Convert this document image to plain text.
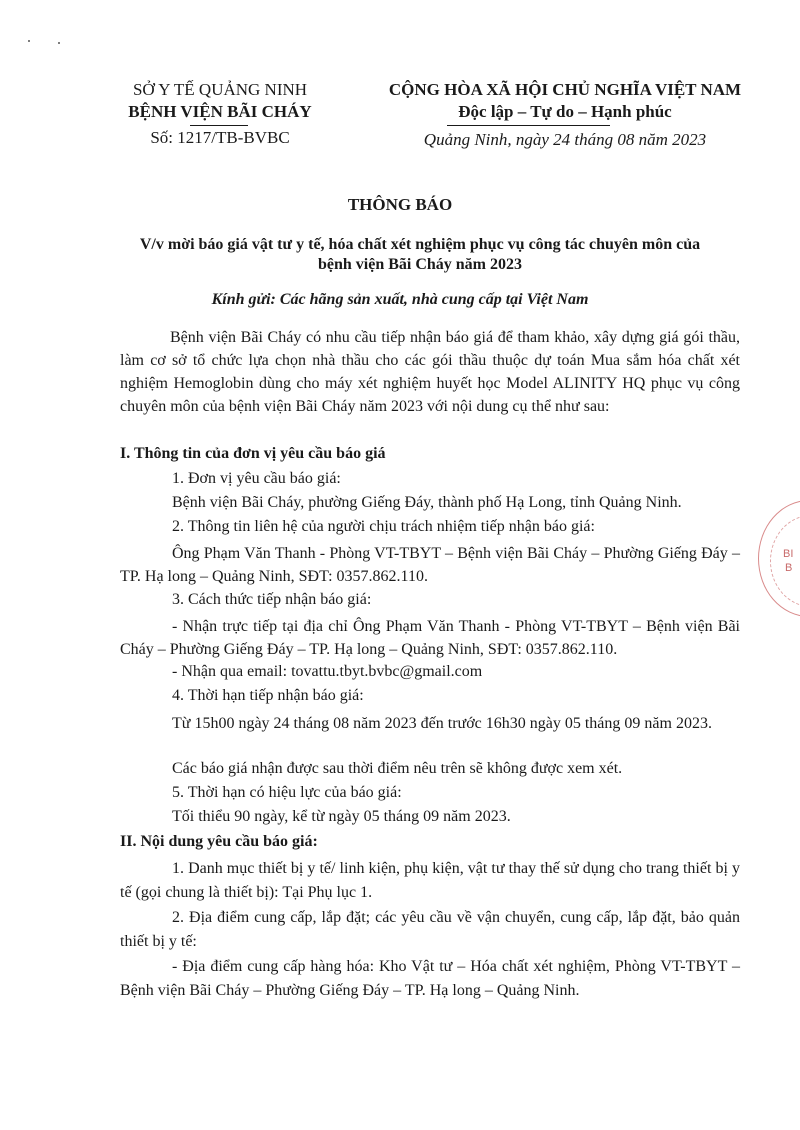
SỞ Y TẾ QUẢNG NINH
BỆNH VIỆN BÃI CHÁY
Số: 1217/TB-BVBC
CỘNG HÒA XÃ HỘI CHỦ NGHĨA VIỆT NAM
Độc lập – Tự do – Hạnh phúc
Quảng Ninh, ngày 24 tháng 08 năm 2023
THÔNG BÁO
V/v mời báo giá vật tư y tế, hóa chất xét nghiệm phục vụ công tác chuyên môn của
bệnh viện Bãi Cháy năm 2023
Kính gửi: Các hãng sản xuất, nhà cung cấp tại Việt Nam
Bệnh viện Bãi Cháy có nhu cầu tiếp nhận báo giá để tham khảo, xây dựng giá gói thầu, làm cơ sở tổ chức lựa chọn nhà thầu cho các gói thầu thuộc dự toán Mua sắm hóa chất xét nghiệm Hemoglobin dùng cho máy xét nghiệm huyết học Model ALINITY HQ phục vụ công chuyên môn của bệnh viện Bãi Cháy năm 2023 với nội dung cụ thể như sau:
I. Thông tin của đơn vị yêu cầu báo giá
1. Đơn vị yêu cầu báo giá:
Bệnh viện Bãi Cháy, phường Giếng Đáy, thành phố Hạ Long, tỉnh Quảng Ninh.
2. Thông tin liên hệ của người chịu trách nhiệm tiếp nhận báo giá:
Ông Phạm Văn Thanh - Phòng VT-TBYT – Bệnh viện Bãi Cháy – Phường Giếng Đáy – TP. Hạ long – Quảng Ninh, SĐT: 0357.862.110.
3. Cách thức tiếp nhận báo giá:
- Nhận trực tiếp tại địa chỉ Ông Phạm Văn Thanh - Phòng VT-TBYT – Bệnh viện Bãi Cháy – Phường Giếng Đáy – TP. Hạ long – Quảng Ninh, SĐT: 0357.862.110.
- Nhận qua email: tovattu.tbyt.bvbc@gmail.com
4. Thời hạn tiếp nhận báo giá:
Từ 15h00 ngày 24 tháng 08 năm 2023 đến trước 16h30 ngày 05 tháng 09 năm 2023.
Các báo giá nhận được sau thời điểm nêu trên sẽ không được xem xét.
5. Thời hạn có hiệu lực của báo giá:
Tối thiểu 90 ngày, kể từ ngày 05 tháng 09 năm 2023.
II. Nội dung yêu cầu báo giá:
1. Danh mục thiết bị y tế/ linh kiện, phụ kiện, vật tư thay thế sử dụng cho trang thiết bị y tế (gọi chung là thiết bị): Tại Phụ lục 1.
2. Địa điểm cung cấp, lắp đặt; các yêu cầu về vận chuyển, cung cấp, lắp đặt, bảo quản thiết bị y tế:
- Địa điểm cung cấp hàng hóa: Kho Vật tư – Hóa chất xét nghiệm, Phòng VT-TBYT – Bệnh viện Bãi Cháy – Phường Giếng Đáy – TP. Hạ long – Quảng Ninh.
BI
B
